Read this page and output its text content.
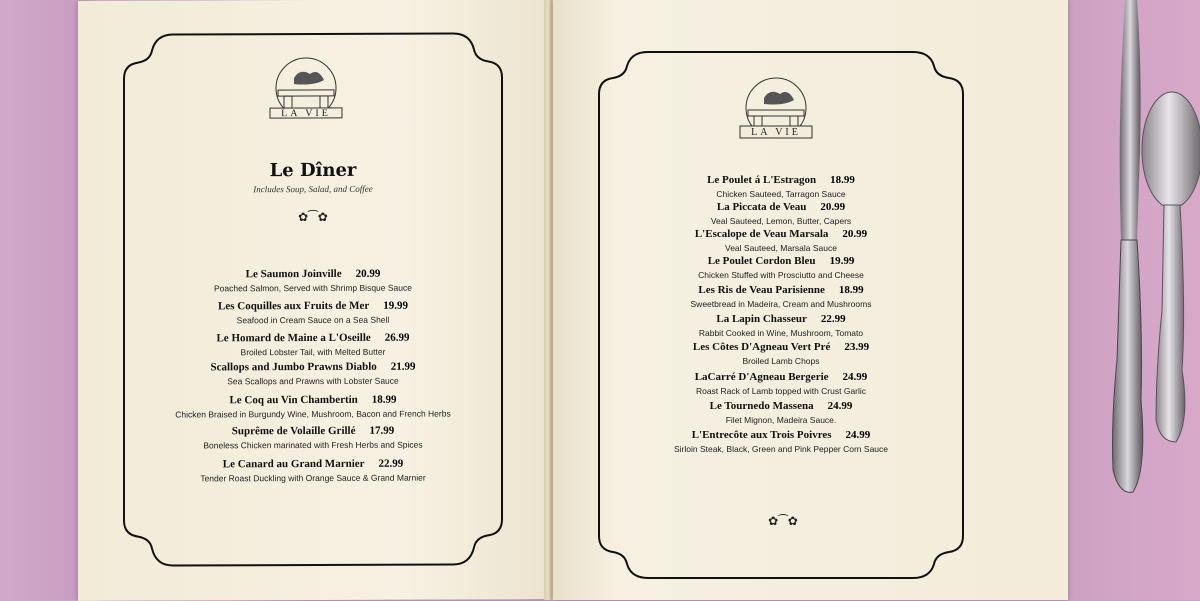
LA VIE
Le Dîner
Includes Soup, Salad, and Coffee
✿⁀✿
Le Saumon Joinville 20.99
Poached Salmon, Served with Shrimp Bisque Sauce
Les Coquilles aux Fruits de Mer 19.99
Seafood in Cream Sauce on a Sea Shell
Le Homard de Maine a L'Oseille 26.99
Broiled Lobster Tail, with Melted Butter
Scallops and Jumbo Prawns Diablo 21.99
Sea Scallops and Prawns with Lobster Sauce
Le Coq au Vin Chambertin 18.99
Chicken Braised in Burgundy Wine, Mushroom, Bacon and French Herbs
Suprême de Volaille Grillé 17.99
Boneless Chicken marinated with Fresh Herbs and Spices
Le Canard au Grand Marnier 22.99
Tender Roast Duckling with Orange Sauce & Grand Marnier
LA VIE
Le Poulet á L'Estragon 18.99
Chicken Sauteed, Tarragon Sauce
La Piccata de Veau 20.99
Veal Sauteed, Lemon, Butter, Capers
L'Escalope de Veau Marsala 20.99
Veal Sauteed, Marsala Sauce
Le Poulet Cordon Bleu 19.99
Chicken Stuffed with Prosciutto and Cheese
Les Ris de Veau Parisienne 18.99
Sweetbread in Madeira, Cream and Mushrooms
La Lapin Chasseur 22.99
Rabbit Cooked in Wine, Mushroom, Tomato
Les Côtes D'Agneau Vert Pré 23.99
Broiled Lamb Chops
LaCarré D'Agneau Bergerie 24.99
Roast Rack of Lamb topped with Crust Garlic
Le Tournedo Massena 24.99
Filet Mignon, Madeira Sauce.
L'Entrecôte aux Trois Poivres 24.99
Sirloin Steak, Black, Green and Pink Pepper Corn Sauce
✿⁀✿
